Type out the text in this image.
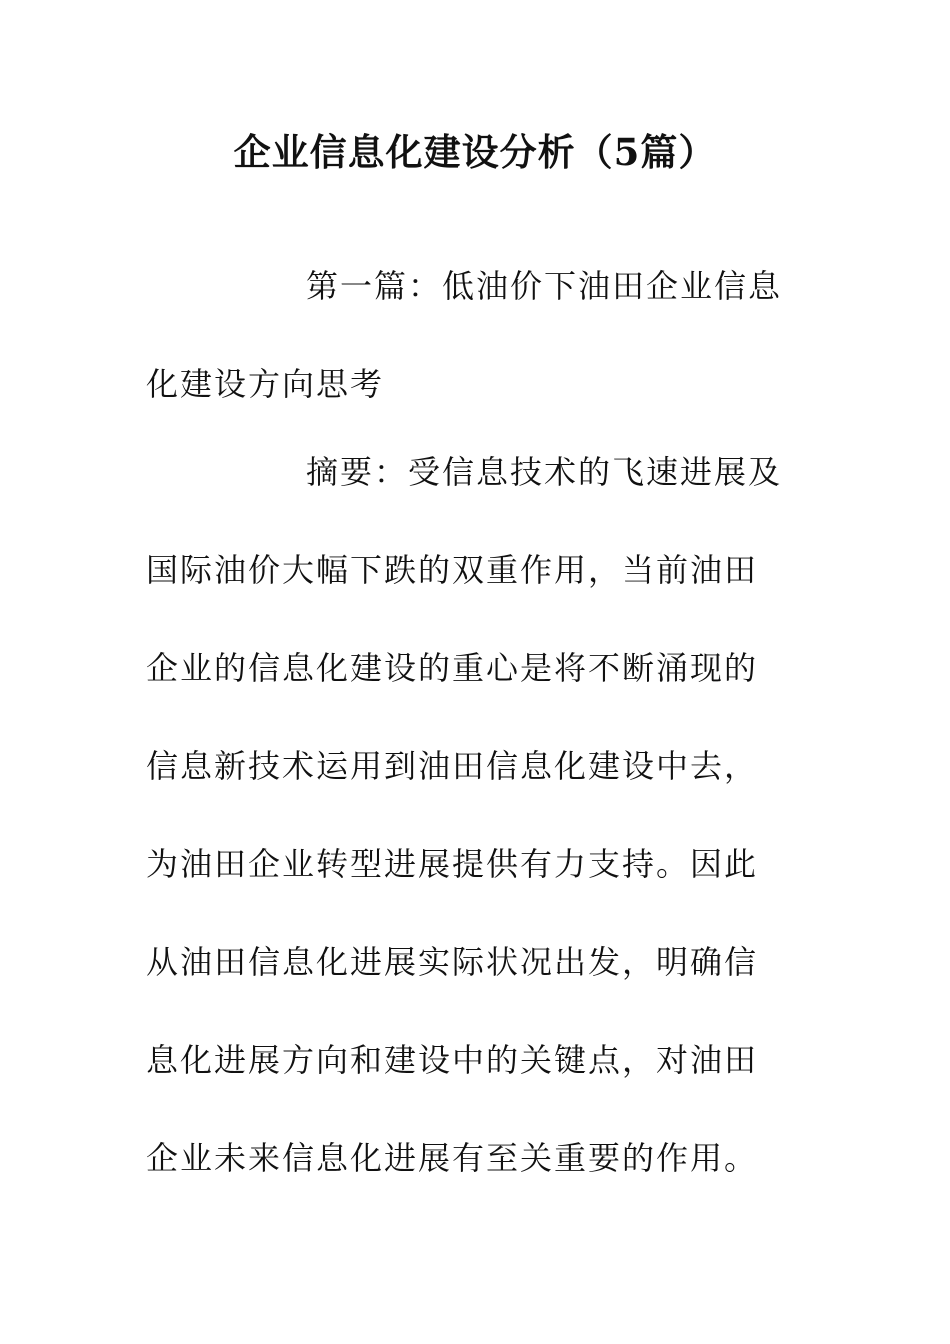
企业信息化建设分析（5篇）

第一篇：低油价下油田企业信息

化建设方向思考

摘要：受信息技术的飞速进展及

国际油价大幅下跌的双重作用，当前油田

企业的信息化建设的重心是将不断涌现的

信息新技术运用到油田信息化建设中去，

为油田企业转型进展提供有力支持。因此

从油田信息化进展实际状况出发，明确信

息化进展方向和建设中的关键点，对油田

企业未来信息化进展有至关重要的作用。
